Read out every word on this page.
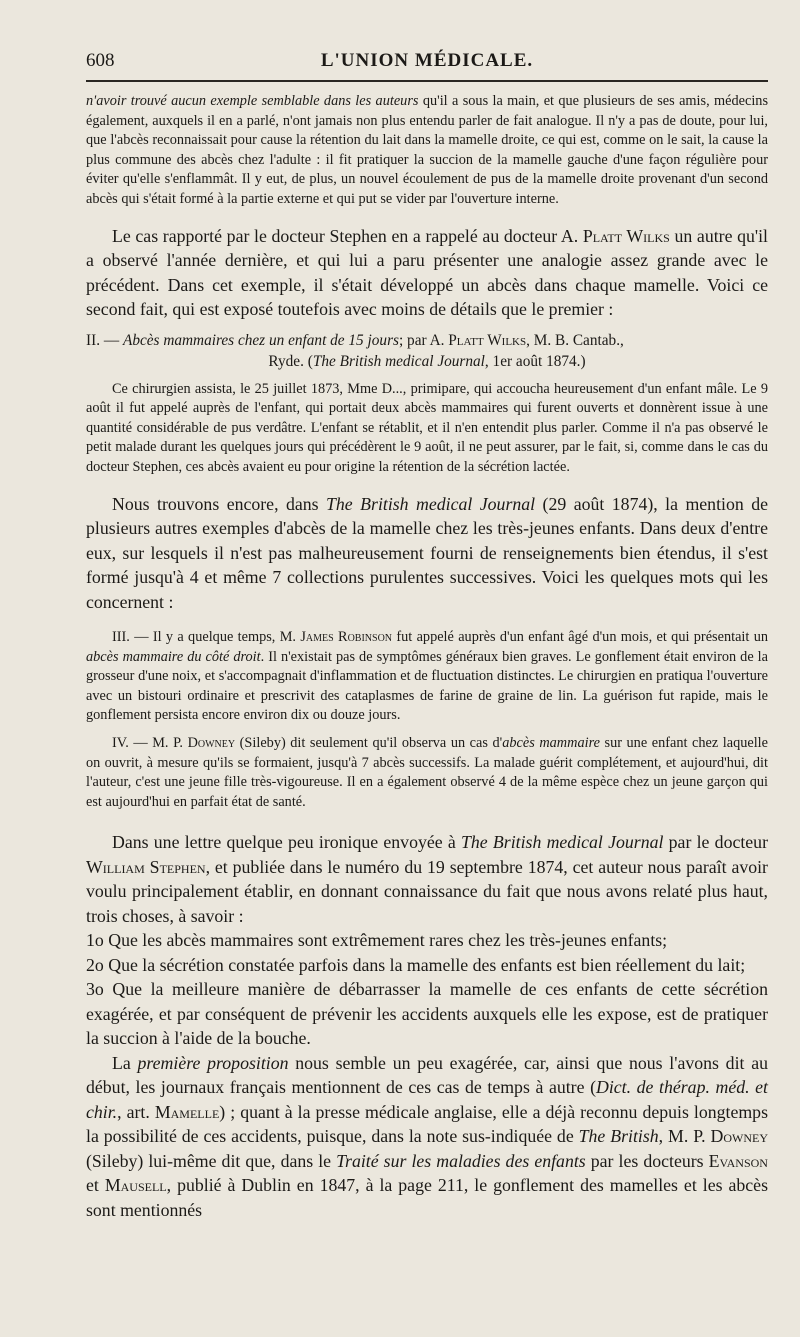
608	L'UNION MÉDICALE.

n'avoir trouvé aucun exemple semblable dans les auteurs qu'il a sous la main, et que plusieurs de ses amis, médecins également, auxquels il en a parlé, n'ont jamais non plus entendu parler de fait analogue. Il n'y a pas de doute, pour lui, que l'abcès reconnaissait pour cause la rétention du lait dans la mamelle droite, ce qui est, comme on le sait, la cause la plus commune des abcès chez l'adulte : il fit pratiquer la succion de la mamelle gauche d'une façon régulière pour éviter qu'elle s'enflammât. Il y eut, de plus, un nouvel écoulement de pus de la mamelle droite provenant d'un second abcès qui s'était formé à la partie externe et qui put se vider par l'ouverture interne.

Le cas rapporté par le docteur Stephen en a rappelé au docteur A. Platt Wilks un autre qu'il a observé l'année dernière, et qui lui a paru présenter une analogie assez grande avec le précédent. Dans cet exemple, il s'était développé un abcès dans chaque mamelle. Voici ce second fait, qui est exposé toutefois avec moins de détails que le premier :

II. — Abcès mammaires chez un enfant de 15 jours; par A. Platt Wilks, M. B. Cantab.,
Ryde. (The British medical Journal, 1er août 1874.)

Ce chirurgien assista, le 25 juillet 1873, Mme D..., primipare, qui accoucha heureusement d'un enfant mâle. Le 9 août il fut appelé auprès de l'enfant, qui portait deux abcès mammaires qui furent ouverts et donnèrent issue à une quantité considérable de pus verdâtre. L'enfant se rétablit, et il n'en entendit plus parler. Comme il n'a pas observé le petit malade durant les quelques jours qui précédèrent le 9 août, il ne peut assurer, par le fait, si, comme dans le cas du docteur Stephen, ces abcès avaient eu pour origine la rétention de la sécrétion lactée.

Nous trouvons encore, dans The British medical Journal (29 août 1874), la mention de plusieurs autres exemples d'abcès de la mamelle chez les très-jeunes enfants. Dans deux d'entre eux, sur lesquels il n'est pas malheureusement fourni de renseignements bien étendus, il s'est formé jusqu'à 4 et même 7 collections purulentes successives. Voici les quelques mots qui les concernent :

III. — Il y a quelque temps, M. James Robinson fut appelé auprès d'un enfant âgé d'un mois, et qui présentait un abcès mammaire du côté droit. Il n'existait pas de symptômes généraux bien graves. Le gonflement était environ de la grosseur d'une noix, et s'accompagnait d'inflammation et de fluctuation distinctes. Le chirurgien en pratiqua l'ouverture avec un bistouri ordinaire et prescrivit des cataplasmes de farine de graine de lin. La guérison fut rapide, mais le gonflement persista encore environ dix ou douze jours.

IV. — M. P. Downey (Sileby) dit seulement qu'il observa un cas d'abcès mammaire sur une enfant chez laquelle on ouvrit, à mesure qu'ils se formaient, jusqu'à 7 abcès successifs. La malade guérit complétement, et aujourd'hui, dit l'auteur, c'est une jeune fille très-vigoureuse. Il en a également observé 4 de la même espèce chez un jeune garçon qui est aujourd'hui en parfait état de santé.

Dans une lettre quelque peu ironique envoyée à The British medical Journal par le docteur William Stephen, et publiée dans le numéro du 19 septembre 1874, cet auteur nous paraît avoir voulu principalement établir, en donnant connaissance du fait que nous avons relaté plus haut, trois choses, à savoir :

1o Que les abcès mammaires sont extrêmement rares chez les très-jeunes enfants;

2o Que la sécrétion constatée parfois dans la mamelle des enfants est bien réellement du lait;

3o Que la meilleure manière de débarrasser la mamelle de ces enfants de cette sécrétion exagérée, et par conséquent de prévenir les accidents auxquels elle les expose, est de pratiquer la succion à l'aide de la bouche.

La première proposition nous semble un peu exagérée, car, ainsi que nous l'avons dit au début, les journaux français mentionnent de ces cas de temps à autre (Dict. de thérap. méd. et chir., art. Mamelle) ; quant à la presse médicale anglaise, elle a déjà reconnu depuis longtemps la possibilité de ces accidents, puisque, dans la note sus-indiquée de The British, M. P. Downey (Sileby) lui-même dit que, dans le Traité sur les maladies des enfants par les docteurs Evanson et Mausell, publié à Dublin en 1847, à la page 211, le gonflement des mamelles et les abcès sont mentionnés
